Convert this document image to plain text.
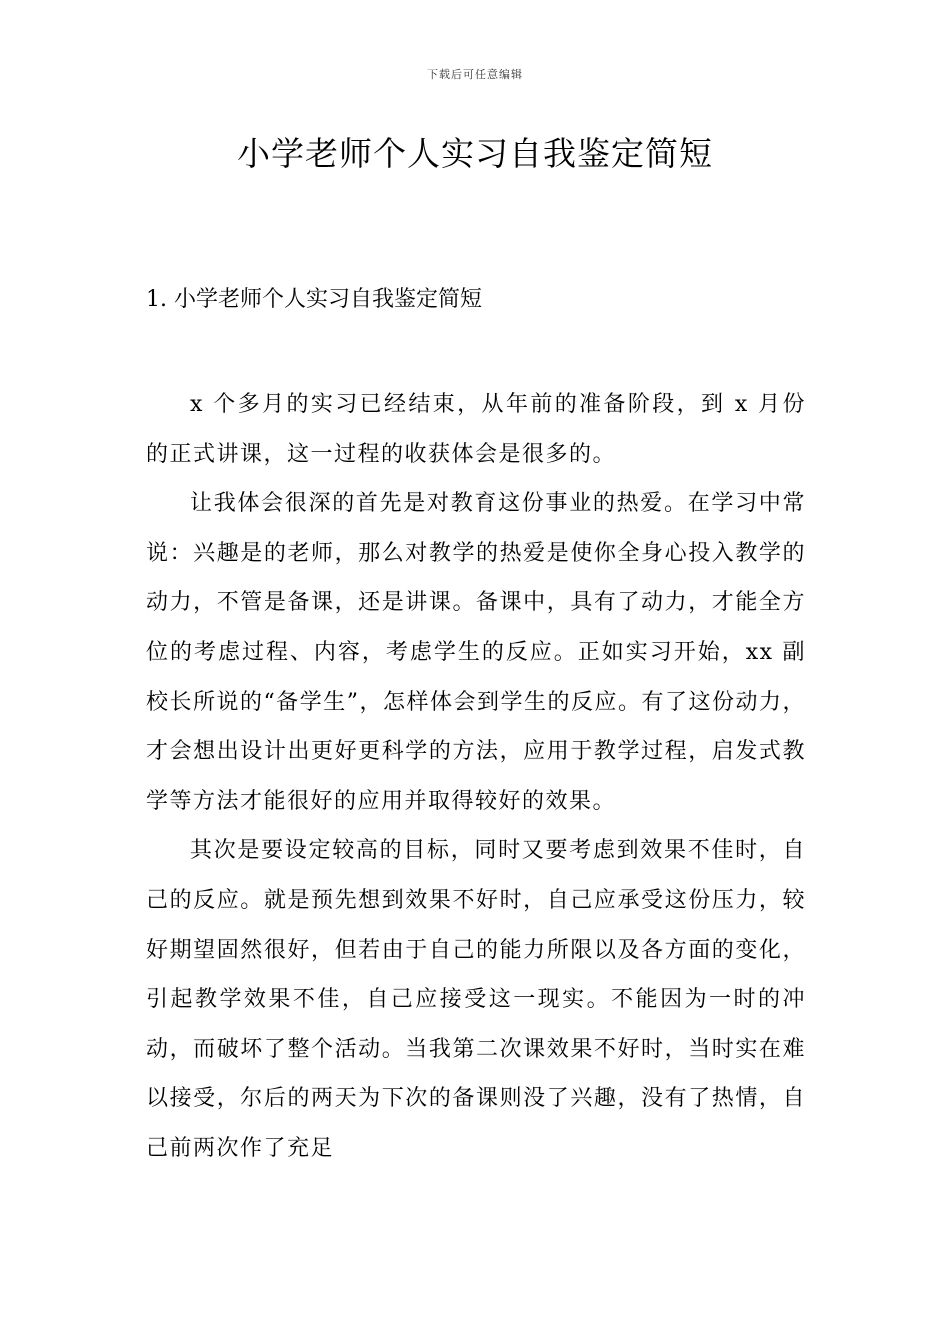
下载后可任意编辑
小学老师个人实习自我鉴定简短
1. 小学老师个人实习自我鉴定简短

x 个多月的实习已经结束，从年前的准备阶段，到 x 月份的正式讲课，这一过程的收获体会是很多的。

让我体会很深的首先是对教育这份事业的热爱。在学习中常说：兴趣是的老师，那么对教学的热爱是使你全身心投入教学的动力，不管是备课，还是讲课。备课中，具有了动力，才能全方位的考虑过程、内容，考虑学生的反应。正如实习开始，xx 副校长所说的“备学生”，怎样体会到学生的反应。有了这份动力，才会想出设计出更好更科学的方法，应用于教学过程，启发式教学等方法才能很好的应用并取得较好的效果。

其次是要设定较高的目标，同时又要考虑到效果不佳时，自己的反应。就是预先想到效果不好时，自己应承受这份压力，较好期望固然很好，但若由于自己的能力所限以及各方面的变化，引起教学效果不佳，自己应接受这一现实。不能因为一时的冲动，而破坏了整个活动。当我第二次课效果不好时，当时实在难以接受，尔后的两天为下次的备课则没了兴趣，没有了热情，自己前两次作了充足
